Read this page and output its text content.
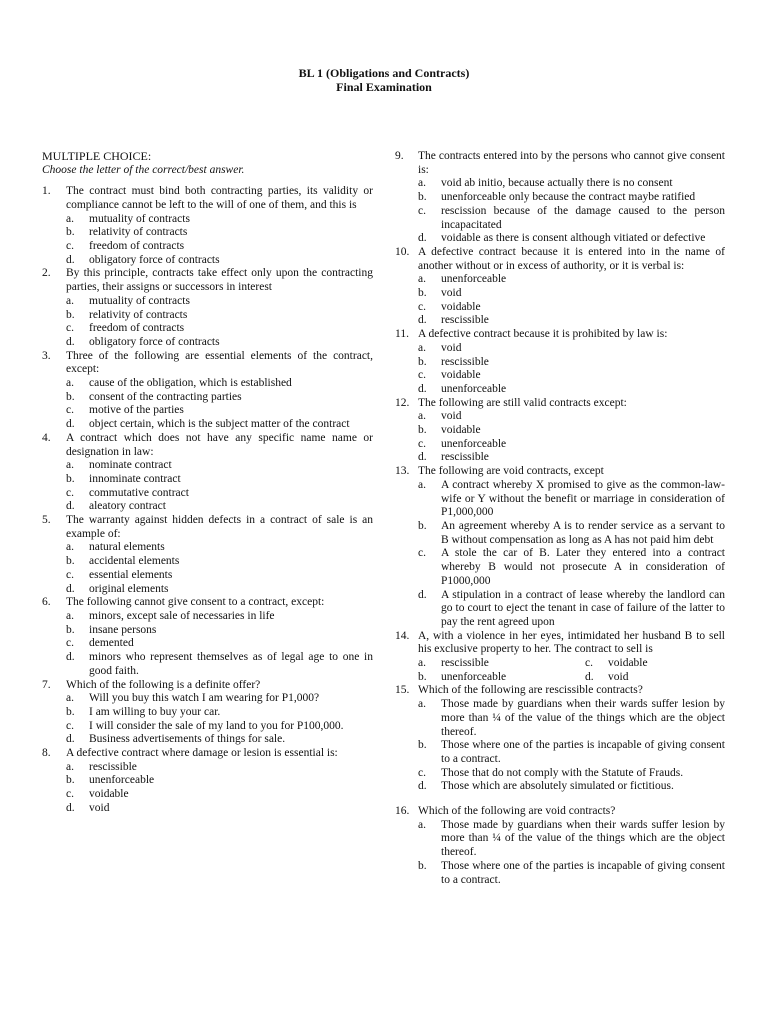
BL 1 (Obligations and Contracts)
Final Examination
MULTIPLE CHOICE:
Choose the letter of the correct/best answer.
1.	The contract must bind both contracting parties, its validity or compliance cannot be left to the will of one of them, and this is
a.	mutuality of contracts
b.	relativity of contracts
c.	freedom of contracts
d.	obligatory force of contracts
2.	By this principle, contracts take effect only upon the contracting parties, their assigns or successors in interest
a.	mutuality of contracts
b.	relativity of contracts
c.	freedom of contracts
d.	obligatory force of contracts
3.	Three of the following are essential elements of the contract, except:
a.	cause of the obligation, which is established
b.	consent of the contracting parties
c.	motive of the parties
d.	object certain, which is the subject matter of the contract
4.	A contract which does not have any specific name name or designation in law:
a.	nominate contract
b.	innominate contract
c.	commutative contract
d.	aleatory contract
5.	The warranty against hidden defects in a contract of sale is an example of:
a.	natural elements
b.	accidental elements
c.	essential elements
d.	original elements
6.	The following cannot give consent to a contract, except:
a.	minors, except sale of necessaries in life
b.	insane persons
c.	demented
d.	minors who represent themselves as of legal age to one in good faith.
7.	Which of the following is a definite offer?
a.	Will you buy this watch I am wearing for P1,000?
b.	I am willing to buy your car.
c.	I will consider the sale of my land to you for P100,000.
d.	Business advertisements of things for sale.
8.	A defective contract where damage or lesion is essential is:
a.	rescissible
b.	unenforceable
c.	voidable
d.	void
9.	The contracts entered into by the persons who cannot give consent is:
a.	void ab initio, because actually there is no consent
b.	unenforceable only because the contract maybe ratified
c.	rescission because of the damage caused to the person incapacitated
d.	voidable as there is consent although vitiated or defective
10. A defective contract because it is entered into in the name of another without or in excess of authority, or it is verbal is:
a.	unenforceable
b.	void
c.	voidable
d.	rescissible
11. A defective contract because it is prohibited by law is:
a.	void
b.	rescissible
c.	voidable
d.	unenforceable
12. The following are still valid contracts except:
a.	void
b.	voidable
c.	unenforceable
d.	rescissible
13. The following are void contracts, except
a.	A contract whereby X promised to give as the common-law-wife or Y without the benefit or marriage in consideration of P1,000,000
b.	An agreement whereby A is to render service as a servant to B without compensation as long as A has not paid him debt
c.	A stole the car of B. Later they entered into a contract whereby B would not prosecute A in consideration of P1000,000
d.	A stipulation in a contract of lease whereby the landlord can go to court to eject the tenant in case of failure of the latter to pay the rent agreed upon
14. A, with a violence in her eyes, intimidated her husband B to sell his exclusive property to her. The contract to sell is
a.	rescissible	c.	voidable
b.	unenforceable	d.	void
15. Which of the following are rescissible contracts?
a.	Those made by guardians when their wards suffer lesion by more than ¼ of the value of the things which are the object thereof.
b.	Those where one of the parties is incapable of giving consent to a contract.
c.	Those that do not comply with the Statute of Frauds.
d.	Those which are absolutely simulated or fictitious.
16. Which of the following are void contracts?
a.	Those made by guardians when their wards suffer lesion by more than ¼ of the value of the things which are the object thereof.
b.	Those where one of the parties is incapable of giving consent to a contract.
